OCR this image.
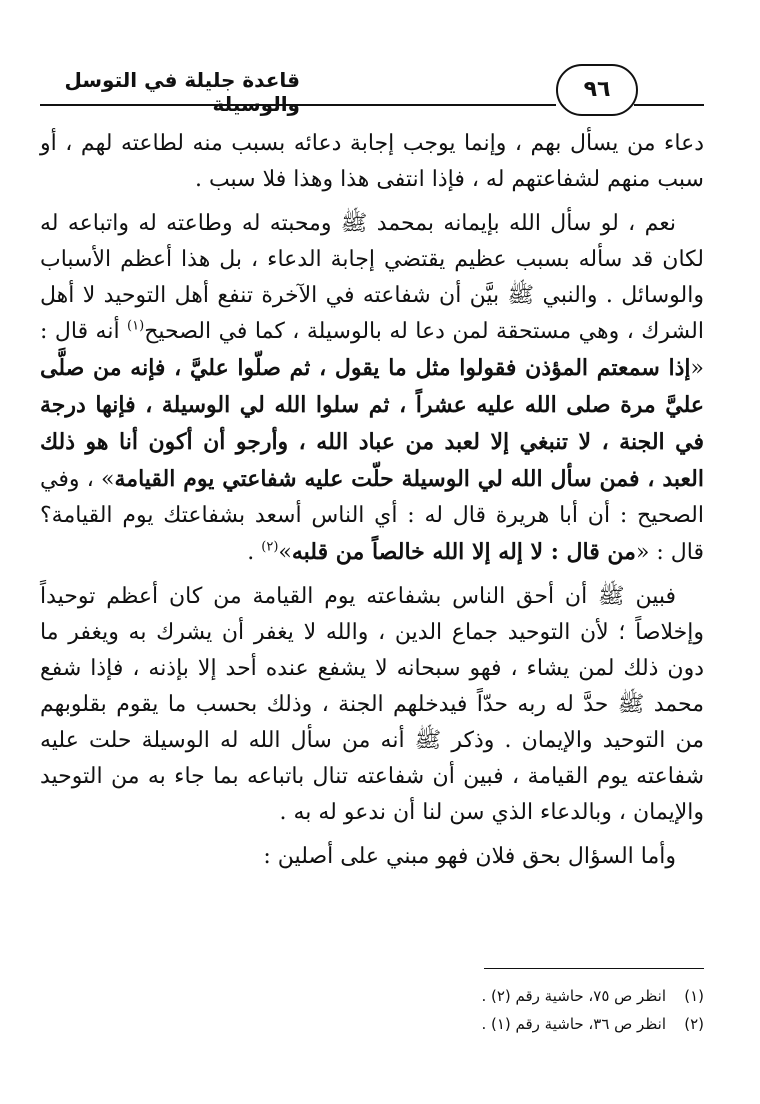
قاعدة جليلة في التوسل والوسيلة
٩٦

دعاء من يسأل بهم ، وإنما يوجب إجابة دعائه بسبب منه لطاعته لهم ، أو سبب منهم لشفاعتهم له ، فإذا انتفى هذا وهذا فلا سبب .

نعم ، لو سأل الله بإيمانه بمحمد ﷺ ومحبته له وطاعته له واتباعه له لكان قد سأله بسبب عظيم يقتضي إجابة الدعاء ، بل هذا أعظم الأسباب والوسائل . والنبي ﷺ بيَّن أن شفاعته في الآخرة تنفع أهل التوحيد لا أهل الشرك ، وهي مستحقة لمن دعا له بالوسيلة ، كما في الصحيح$^{(١)}$ أنه قال : «إذا سمعتم المؤذن فقولوا مثل ما يقول ، ثم صلّوا عليَّ ، فإنه من صلَّى عليَّ مرة صلى الله عليه عشراً ، ثم سلوا الله لي الوسيلة ، فإنها درجة في الجنة ، لا تنبغي إلا لعبد من عباد الله ، وأرجو أن أكون أنا هو ذلك العبد ، فمن سأل الله لي الوسيلة حلّت عليه شفاعتي يوم القيامة» ، وفي الصحيح : أن أبا هريرة قال له : أي الناس أسعد بشفاعتك يوم القيامة؟ قال : «من قال : لا إله إلا الله خالصاً من قلبه»$^{(٢)}$ .

فبين ﷺ أن أحق الناس بشفاعته يوم القيامة من كان أعظم توحيداً وإخلاصاً ؛ لأن التوحيد جماع الدين ، والله لا يغفر أن يشرك به ويغفر ما دون ذلك لمن يشاء ، فهو سبحانه لا يشفع عنده أحد إلا بإذنه ، فإذا شفع محمد ﷺ حدَّ له ربه حدّاً فيدخلهم الجنة ، وذلك بحسب ما يقوم بقلوبهم من التوحيد والإيمان . وذكر ﷺ أنه من سأل الله له الوسيلة حلت عليه شفاعته يوم القيامة ، فبين أن شفاعته تنال باتباعه بما جاء به من التوحيد والإيمان ، وبالدعاء الذي سن لنا أن ندعو له به .

وأما السؤال بحق فلان فهو مبني على أصلين :

(١)انظر ص ٧٥، حاشية رقم (٢) .
(٢)انظر ص ٣٦، حاشية رقم (١) .
